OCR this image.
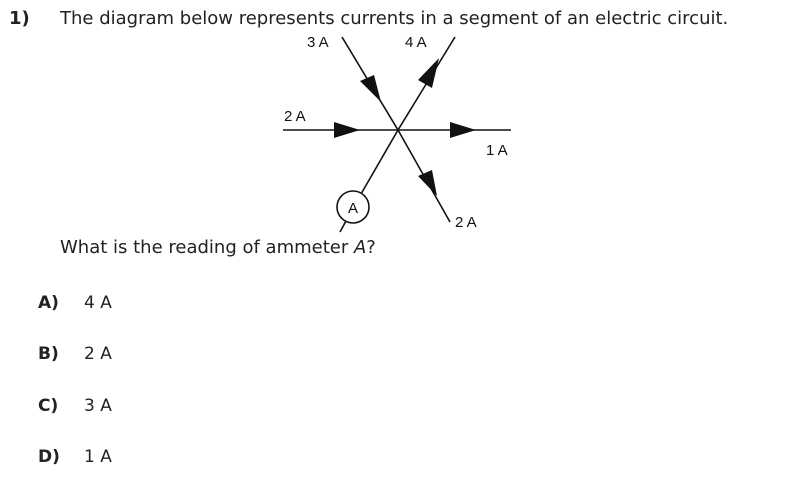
1) The diagram below represents currents in a segment of an electric circuit.
A
3 A	4 A
2 A
1 A
2 A
What is the reading of ammeter A?
A) 4 A
B) 2 A
C) 3 A
D) 1 A
